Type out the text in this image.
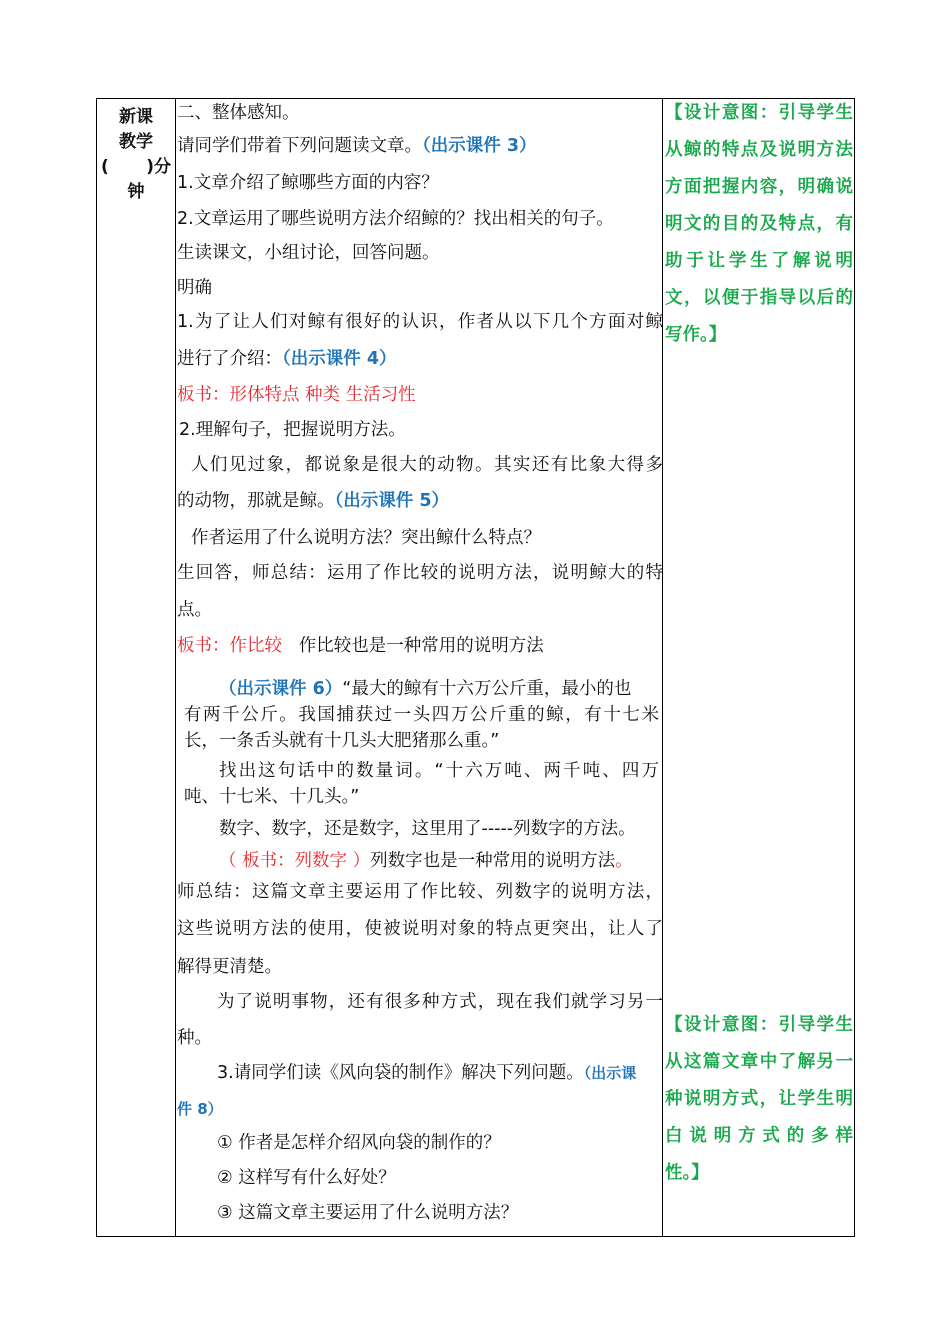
新课
教学
( )分
钟
二、整体感知。
请同学们带着下列问题读文章。（出示课件 3）
1.文章介绍了鲸哪些方面的内容？
2.文章运用了哪些说明方法介绍鲸的？找出相关的句子。
生读课文，小组讨论，回答问题。
明确
1.为了让人们对鲸有很好的认识，作者从以下几个方面对鲸
进行了介绍：（出示课件 4）
板书：形体特点 种类 生活习性
2.理解句子，把握说明方法。
人们见过象，都说象是很大的动物。其实还有比象大得多
的动物，那就是鲸。（出示课件 5）
作者运用了什么说明方法？突出鲸什么特点？
生回答，师总结：运用了作比较的说明方法，说明鲸大的特
点。
板书：作比较 作比较也是一种常用的说明方法
（出示课件 6）“最大的鲸有十六万公斤重，最小的也
有两千公斤。我国捕获过一头四万公斤重的鲸，有十七米
长，一条舌头就有十几头大肥猪那么重。”
找出这句话中的数量词。“十六万吨、两千吨、四万
吨、十七米、十几头。”
数字、数字，还是数字，这里用了-----列数字的方法。
（ 板书：列数字 ）列数字也是一种常用的说明方法。
师总结：这篇文章主要运用了作比较、列数字的说明方法，
这些说明方法的使用，使被说明对象的特点更突出，让人了
解得更清楚。
为了说明事物，还有很多种方式，现在我们就学习另一
种。
3.请同学们读《风向袋的制作》解决下列问题。（出示课
件 8）
① 作者是怎样介绍风向袋的制作的？
② 这样写有什么好处？
③ 这篇文章主要运用了什么说明方法？
【设计意图：引导学生
从鲸的特点及说明方法
方面把握内容，明确说
明文的目的及特点，有
助于让学生了解说明
文，以便于指导以后的
写作。】
【设计意图：引导学生
从这篇文章中了解另一
种说明方式，让学生明
白说明方式的多样
性。】
